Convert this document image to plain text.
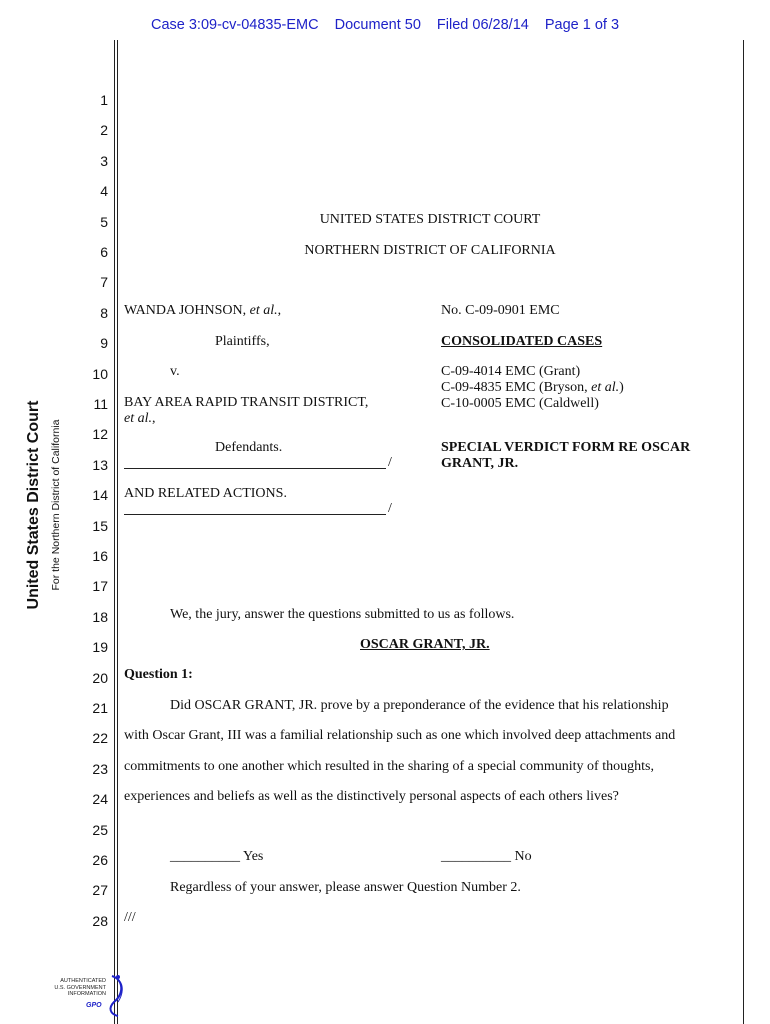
Case 3:09-cv-04835-EMC Document 50 Filed 06/28/14 Page 1 of 3
United States District Court For the Northern District of California
1
2
3
4
5
6
7
8
9
10
11
12
13
14
15
16
17
18
19
20
21
22
23
24
25
26
27
28
UNITED STATES DISTRICT COURT
NORTHERN DISTRICT OF CALIFORNIA
WANDA JOHNSON, et al.,
Plaintiffs,
v.
BAY AREA RAPID TRANSIT DISTRICT,
et al.,
Defendants.
/
AND RELATED ACTIONS.
/
No. C-09-0901 EMC
CONSOLIDATED CASES
C-09-4014 EMC (Grant)
C-09-4835 EMC (Bryson, et al.)
C-10-0005 EMC (Caldwell)
SPECIAL VERDICT FORM RE OSCAR
GRANT, JR.
We, the jury, answer the questions submitted to us as follows.
OSCAR GRANT, JR.
Question 1:
Did OSCAR GRANT, JR. prove by a preponderance of the evidence that his relationship
with Oscar Grant, III was a familial relationship such as one which involved deep attachments and
commitments to one another which resulted in the sharing of a special community of thoughts,
experiences and beliefs as well as the distinctively personal aspects of each others lives?
__________ Yes	__________ No
Regardless of your answer, please answer Question Number 2.
///
AUTHENTICATED
U.S. GOVERNMENT
INFORMATION
GPO
